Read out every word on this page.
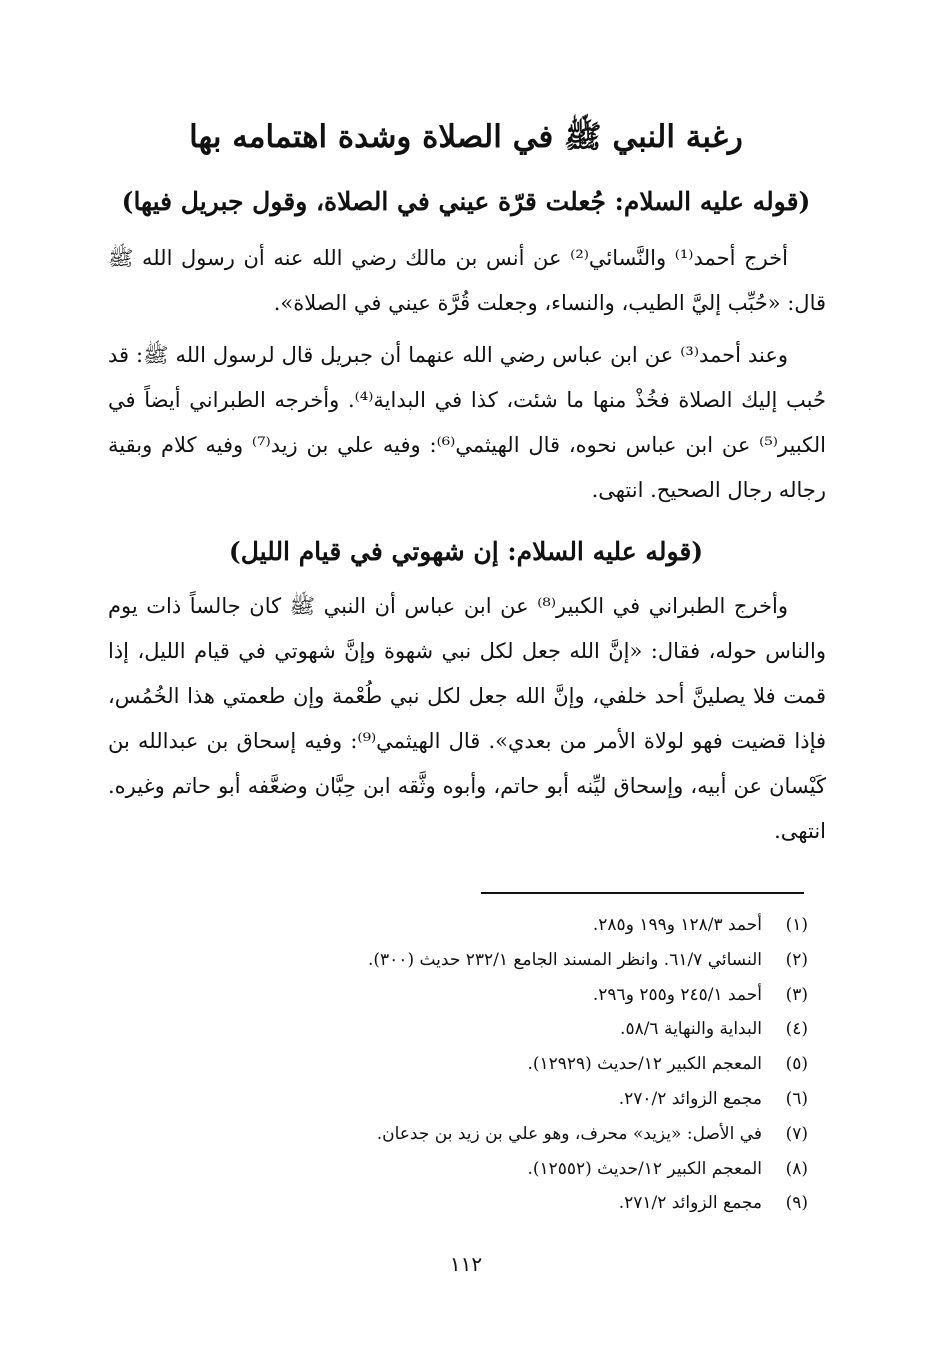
رغبة النبي ﷺ في الصلاة وشدة اهتمامه بها
(قوله عليه السلام: جُعلت قرّة عيني في الصلاة، وقول جبريل فيها)

أخرج أحمد⁽¹⁾ والنَّسائي⁽²⁾ عن أنس بن مالك رضي الله عنه أن رسول الله ﷺ قال: «حُبِّب إليَّ الطيب، والنساء، وجعلت قُرَّة عيني في الصلاة».

وعند أحمد⁽³⁾ عن ابن عباس رضي الله عنهما أن جبريل قال لرسول الله ﷺ: قد حُبب إليك الصلاة فخُذْ منها ما شئت، كذا في البداية⁽⁴⁾. وأخرجه الطبراني أيضاً في الكبير⁽⁵⁾ عن ابن عباس نحوه، قال الهيثمي⁽⁶⁾: وفيه علي بن زيد⁽⁷⁾ وفيه كلام وبقية رجاله رجال الصحيح. انتهى.

(قوله عليه السلام: إن شهوتي في قيام الليل)

وأخرج الطبراني في الكبير⁽⁸⁾ عن ابن عباس أن النبي ﷺ كان جالساً ذات يوم والناس حوله، فقال: «إنَّ الله جعل لكل نبي شهوة وإنَّ شهوتي في قيام الليل، إذا قمت فلا يصلينَّ أحد خلفي، وإنَّ الله جعل لكل نبي طُعْمة وإن طعمتي هذا الخُمُس، فإذا قضيت فهو لولاة الأمر من بعدي». قال الهيثمي⁽⁹⁾: وفيه إسحاق بن عبدالله بن كَيْسان عن أبيه، وإسحاق ليِّنه أبو حاتم، وأبوه وثَّقه ابن حِبَّان وضعَّفه أبو حاتم وغيره. انتهى.

(١)أحمد ١٢٨/٣ و١٩٩ و٢٨٥.
(٢)النسائي ٦١/٧. وانظر المسند الجامع ٢٣٢/١ حديث (٣٠٠).
(٣)أحمد ٢٤٥/١ و٢٥٥ و٢٩٦.
(٤)البداية والنهاية ٥٨/٦.
(٥)المعجم الكبير ١٢/حديث (١٢٩٢٩).
(٦)مجمع الزوائد ٢٧٠/٢.
(٧)في الأصل: «يزيد» محرف، وهو علي بن زيد بن جدعان.
(٨)المعجم الكبير ١٢/حديث (١٢٥٥٢).
(٩)مجمع الزوائد ٢٧١/٢.
١١٢
